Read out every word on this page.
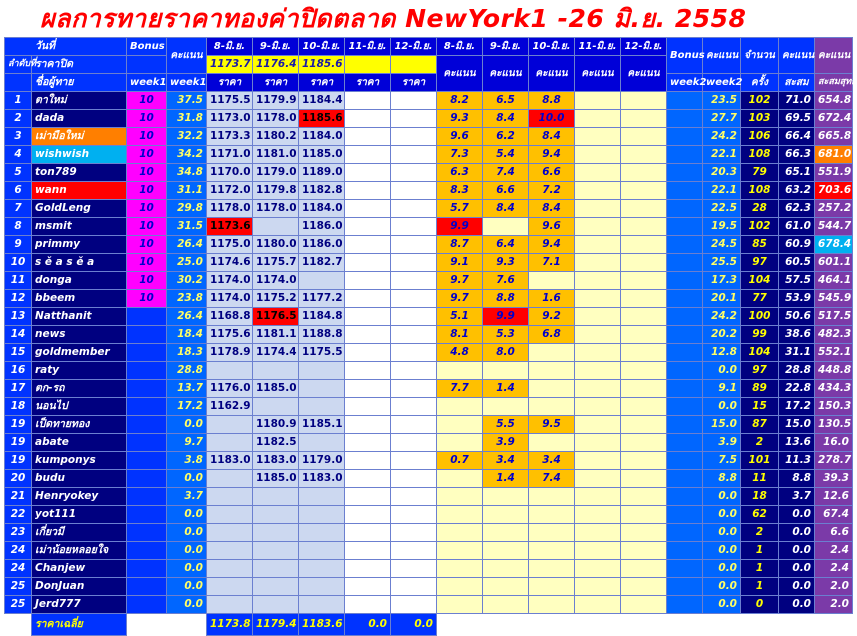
ผลการทายราคาทองค่าปิดตลาด NewYork1 -26 มิ.ย. 2558
วันที่		Bonus	คะแนน	8-มิ.ย.	9-มิ.ย.	10-มิ.ย.	11-มิ.ย.	12-มิ.ย.	8-มิ.ย.	9-มิ.ย.	10-มิ.ย.	11-มิ.ย.	12-มิ.ย.	Bonus	คะแนน	จำนวน	คะแนน	คะแนน
ลำดับที่	ราคาปิด			1173.7	1176.4	1185.6			คะแนน	คะแนน	คะแนน	คะแนน	คะแนน					
	ชื่อผู้ทาย	week1	week1	ราคา	ราคา	ราคา	ราคา	ราคา						week2	week2	ครั้ง	สะสม	สะสมสุทธิ
1	ตาใหม่	10	37.5	1175.5	1179.9	1184.4			8.2	6.5	8.8				23.5	102	71.0	654.8
2	dada	10	31.8	1173.0	1178.0	1185.6			9.3	8.4	10.0				27.7	103	69.5	672.4
3	เม่ามือใหม่	10	32.2	1173.3	1180.2	1184.0			9.6	6.2	8.4				24.2	106	66.4	665.8
4	wishwish	10	34.2	1171.0	1181.0	1185.0			7.3	5.4	9.4				22.1	108	66.3	681.0
5	ton789	10	34.8	1170.0	1179.0	1189.0			6.3	7.4	6.6				20.3	79	65.1	551.9
6	wann	10	31.1	1172.0	1179.8	1182.8			8.3	6.6	7.2				22.1	108	63.2	703.6
7	GoldLeng	10	29.8	1178.0	1178.0	1184.0			5.7	8.4	8.4				22.5	28	62.3	257.2
8	msmit	10	31.5	1173.6		1186.0			9.9		9.6				19.5	102	61.0	544.7
9	primmy	10	26.4	1175.0	1180.0	1186.0			8.7	6.4	9.4				24.5	85	60.9	678.4
10	s ě a s ě a	10	25.0	1174.6	1175.7	1182.7			9.1	9.3	7.1				25.5	97	60.5	601.1
11	donga	10	30.2	1174.0	1174.0				9.7	7.6					17.3	104	57.5	464.1
12	bbeem	10	23.8	1174.0	1175.2	1177.2			9.7	8.8	1.6				20.1	77	53.9	545.9
13	Natthanit		26.4	1168.8	1176.5	1184.8			5.1	9.9	9.2				24.2	100	50.6	517.5
14	news		18.4	1175.6	1181.1	1188.8			8.1	5.3	6.8				20.2	99	38.6	482.3
15	goldmember		18.3	1178.9	1174.4	1175.5			4.8	8.0					12.8	104	31.1	552.1
16	raty		28.8												0.0	97	28.8	448.8
17	ตก-รถ		13.7	1176.0	1185.0				7.7	1.4					9.1	89	22.8	434.3
18	นอนไป		17.2	1162.9											0.0	15	17.2	150.3
19	เป็ดทายทอง		0.0		1180.9	1185.1				5.5	9.5				15.0	87	15.0	130.5
19	abate		9.7		1182.5					3.9					3.9	2	13.6	16.0
19	kumponys		3.8	1183.0	1183.0	1179.0			0.7	3.4	3.4				7.5	101	11.3	278.7
20	budu		0.0		1185.0	1183.0				1.4	7.4				8.8	11	8.8	39.3
21	Henryokey		3.7												0.0	18	3.7	12.6
22	yot111		0.0												0.0	62	0.0	67.4
23	เกี่ยวมี		0.0												0.0	2	0.0	6.6
24	เม่าน้อยหลอยใจ		0.0												0.0	1	0.0	2.4
24	Chanjew		0.0												0.0	1	0.0	2.4
25	DonJuan		0.0												0.0	1	0.0	2.0
25	Jerd777		0.0												0.0	0	0.0	2.0
	ราคาเฉลี่ย			1173.8	1179.4	1183.6	0.0	0.0										
